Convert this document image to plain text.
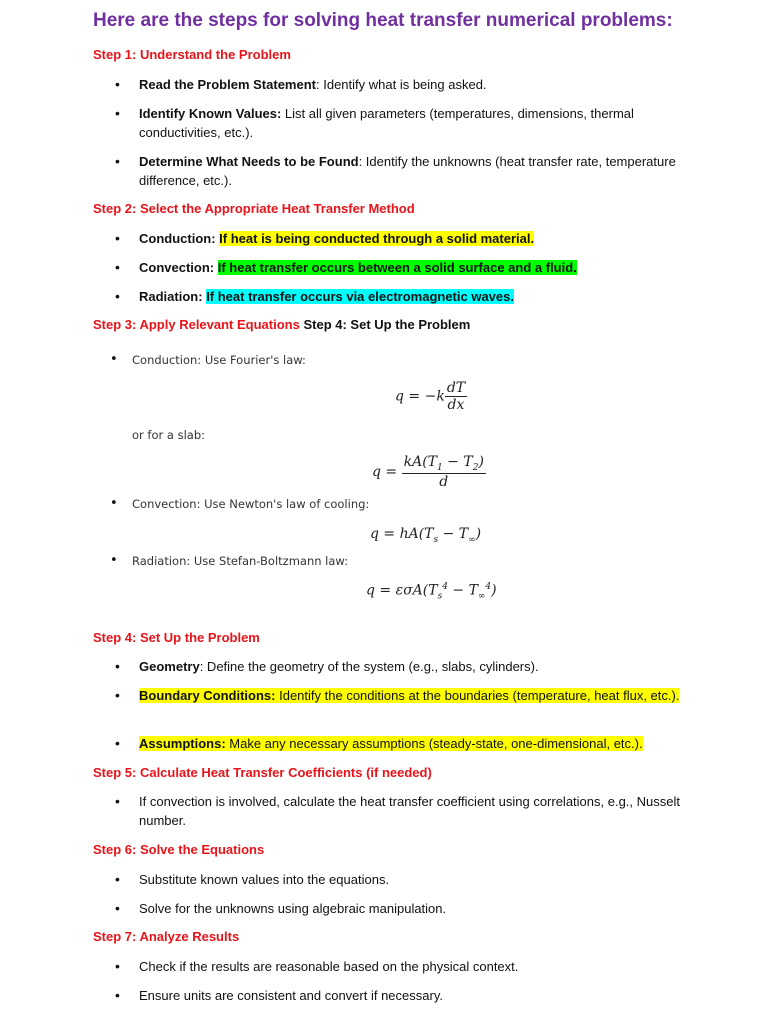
Here are the steps for solving heat transfer numerical problems:
Step 1: Understand the Problem

• Read the Problem Statement: Identify what is being asked.

• Identify Known Values: List all given parameters (temperatures, dimensions, thermal conductivities, etc.).

• Determine What Needs to be Found: Identify the unknowns (heat transfer rate, temperature difference, etc.).

Step 2: Select the Appropriate Heat Transfer Method

• Conduction: If heat is being conducted through a solid material.

• Convection: If heat transfer occurs between a solid surface and a fluid.

• Radiation: If heat transfer occurs via electromagnetic waves.

Step 3: Apply Relevant Equations Step 4: Set Up the Problem

• Conduction: Use Fourier's law:

$q = -k \frac{dT}{dx}$

or for a slab:

$q = \frac{kA(T_1 - T_2)}{d}$

• Convection: Use Newton's law of cooling:

$q = hA(T_s - T_\infty)$

• Radiation: Use Stefan-Boltzmann law:

$q = \varepsilon\sigma A(T_s^4 - T_\infty^4)$
Step 4: Set Up the Problem

• Geometry: Define the geometry of the system (e.g., slabs, cylinders).

• Boundary Conditions: Identify the conditions at the boundaries (temperature, heat flux, etc.).

• Assumptions: Make any necessary assumptions (steady-state, one-dimensional, etc.).

Step 5: Calculate Heat Transfer Coefficients (if needed)

• If convection is involved, calculate the heat transfer coefficient using correlations, e.g., Nusselt number.

Step 6: Solve the Equations

• Substitute known values into the equations.

• Solve for the unknowns using algebraic manipulation.

Step 7: Analyze Results

• Check if the results are reasonable based on the physical context.

• Ensure units are consistent and convert if necessary.
